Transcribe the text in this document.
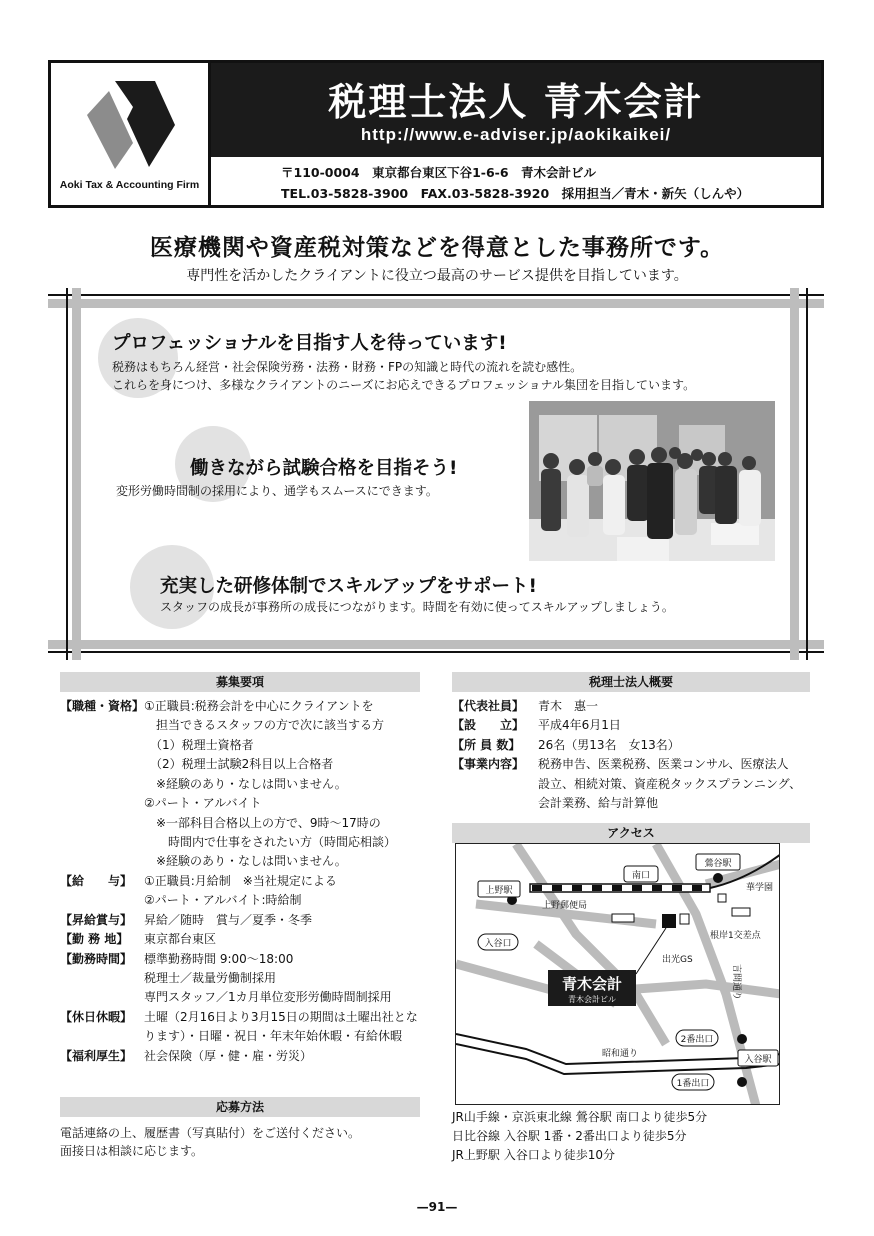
Aoki Tax & Accounting Firm
税理士法人 青木会計
http://www.e-adviser.jp/aokikaikei/
〒110-0004　東京都台東区下谷1-6-6　青木会計ビル
TEL.03-5828-3900　FAX.03-5828-3920　採用担当／青木・新矢（しんや）
医療機関や資産税対策などを得意とした事務所です。
専門性を活かしたクライアントに役立つ最高のサービス提供を目指しています。
プロフェッショナルを目指す人を待っています!
税務はもちろん経営・社会保険労務・法務・財務・FPの知識と時代の流れを読む感性。
これらを身につけ、多様なクライアントのニーズにお応えできるプロフェッショナル集団を目指しています。
働きながら試験合格を目指そう!
変形労働時間制の採用により、通学もスムースにできます。
充実した研修体制でスキルアップをサポート!
スタッフの成長が事務所の成長につながります。時間を有効に使ってスキルアップしましょう。
募集要項
【職種・資格】
【給　　与】
【昇給賞与】
【勤 務 地】
【勤務時間】
【休日休暇】
【福利厚生】
①正職員:税務会計を中心にクライアントを
　担当できるスタッフの方で次に該当する方
　（1）税理士資格者
　（2）税理士試験2科目以上合格者
　※経験のあり・なしは問いません。
②パート・アルバイト
　※一部科目合格以上の方で、9時～17時の
　　時間内で仕事をされたい方（時間応相談）
　※経験のあり・なしは問いません。
①正職員:月給制　※当社規定による
②パート・アルバイト:時給制
昇給／随時　賞与／夏季・冬季
東京都台東区
標準勤務時間 9:00～18:00
税理士／裁量労働制採用
専門スタッフ／1カ月単位変形労働時間制採用
土曜（2月16日より3月15日の期間は土曜出社とな
ります）・日曜・祝日・年末年始休暇・有給休暇
社会保険（厚・健・雇・労災）
応募方法
電話連絡の上、履歴書（写真貼付）をご送付ください。
面接日は相談に応じます。
税理士法人概要
【代表社員】
【設　　立】
【所 員 数】
【事業内容】
青木　惠一
平成4年6月1日
26名（男13名　女13名）
税務申告、医業税務、医業コンサル、医療法人
設立、相続対策、資産税タックスプランニング、
会計業務、給与計算他
アクセス
上野駅
南口
鶯谷駅
華学園
上野郵便局
入谷口
根岸1交差点
出光GS
言問通り
青木会計
青木会計ビル
2番出口
昭和通り
入谷駅
1番出口
JR山手線・京浜東北線 鶯谷駅 南口より徒歩5分
日比谷線 入谷駅 1番・2番出口より徒歩5分
JR上野駅 入谷口より徒歩10分
—91—
